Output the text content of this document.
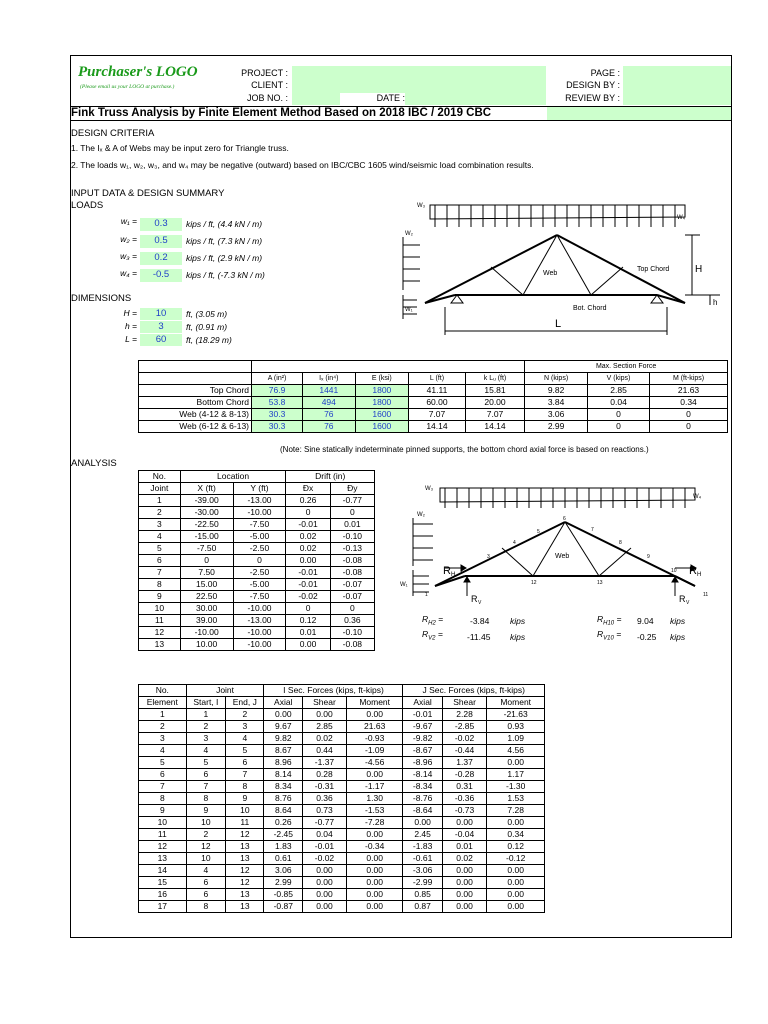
Purchaser's LOGO
(Please email us your LOGO at purchase.)
PROJECT :
CLIENT :
JOB NO. :	DATE :
PAGE :
DESIGN BY :
REVIEW BY :
Fink Truss Analysis by Finite Element Method Based on 2018 IBC / 2019 CBC
DESIGN CRITERIA
1. The Iₓ & A of Webs may be input zero for Triangle truss.
2. The loads w₁, w₂, w₃, and w₄ may be negative (outward) based on IBC/CBC 1605 wind/seismic load combination results.
INPUT DATA & DESIGN SUMMARY
LOADS
w₁ =	0.3	kips / ft, (4.4 kN / m)
w₂ =	0.5	kips / ft, (7.3 kN / m)
w₃ =	0.2	kips / ft, (2.9 kN / m)
w₄ =	-0.5	kips / ft, (-7.3 kN / m)
DIMENSIONS
H =	10	ft, (3.05 m)
h =	3	ft, (0.91 m)
L =	60	ft, (18.29 m)
W₃
W₄
W₂
W₁
Web
Top Chord
Bot. Chord
H
h
L
						Max. Section Force		

	A (in²)	Iₓ (in⁴)	E (ksi)	L (ft)	k Lᵤ (ft)	N (kips)	V (kips)	M (ft-kips)
Top Chord	76.9	1441	1800	41.11	15.81	9.82	2.85	21.63
Bottom Chord	53.8	494	1800	60.00	20.00	3.84	0.04	0.34
Web (4-12 & 8-13)	30.3	76	1600	7.07	7.07	3.06	0	0
Web (6-12 & 6-13)	30.3	76	1600	14.14	14.14	2.99	0	0
(Note: Sine statically indeterminate pinned supports, the bottom chord axial force is based on reactions.)
ANALYSIS
No.	Location		Drift (in)	
Joint	X (ft)	Y (ft)	Đx	Đy
1	-39.00	-13.00	0.26	-0.77
2	-30.00	-10.00	0	0
3	-22.50	-7.50	-0.01	0.01
4	-15.00	-5.00	0.02	-0.10
5	-7.50	-2.50	0.02	-0.13
6	0	0	0.00	-0.08
7	7.50	-2.50	-0.01	-0.08
8	15.00	-5.00	-0.01	-0.07
9	22.50	-7.50	-0.02	-0.07
10	30.00	-10.00	0	0
11	39.00	-13.00	0.12	0.36
12	-10.00	-10.00	0.01	-0.10
13	10.00	-10.00	0.00	-0.08
W₃
W₄
W₂
W₁
Web
R H	R H
R V	R V
1
2
3
4
5
6
7
8
9
10
11
12	13
$R_{H2}$ =	-3.84 kips
$R_{V2}$ =	-11.45 kips
$R_{H10} = 9.04$ kips
$R_{V10} = -0.25$ kips
No.	Joint		I Sec. Forces (kips, ft-kips)			J Sec. Forces (kips, ft-kips)		
Element	Start, I	End, J	Axial	Shear	Moment	Axial	Shear	Moment
1	1	2	0.00	0.00	0.00	-0.01	2.28	-21.63
2	2	3	9.67	2.85	21.63	-9.67	-2.85	0.93
3	3	4	9.82	0.02	-0.93	-9.82	-0.02	1.09
4	4	5	8.67	0.44	-1.09	-8.67	-0.44	4.56
5	5	6	8.96	-1.37	-4.56	-8.96	1.37	0.00
6	6	7	8.14	0.28	0.00	-8.14	-0.28	1.17
7	7	8	8.34	-0.31	-1.17	-8.34	0.31	-1.30
8	8	9	8.76	0.36	1.30	-8.76	-0.36	1.53
9	9	10	8.64	0.73	-1.53	-8.64	-0.73	7.28
10	10	11	0.26	-0.77	-7.28	0.00	0.00	0.00
11	2	12	-2.45	0.04	0.00	2.45	-0.04	0.34
12	12	13	1.83	-0.01	-0.34	-1.83	0.01	0.12
13	10	13	0.61	-0.02	0.00	-0.61	0.02	-0.12
14	4	12	3.06	0.00	0.00	-3.06	0.00	0.00
15	6	12	2.99	0.00	0.00	-2.99	0.00	0.00
16	6	13	-0.85	0.00	0.00	0.85	0.00	0.00
17	8	13	-0.87	0.00	0.00	0.87	0.00	0.00
